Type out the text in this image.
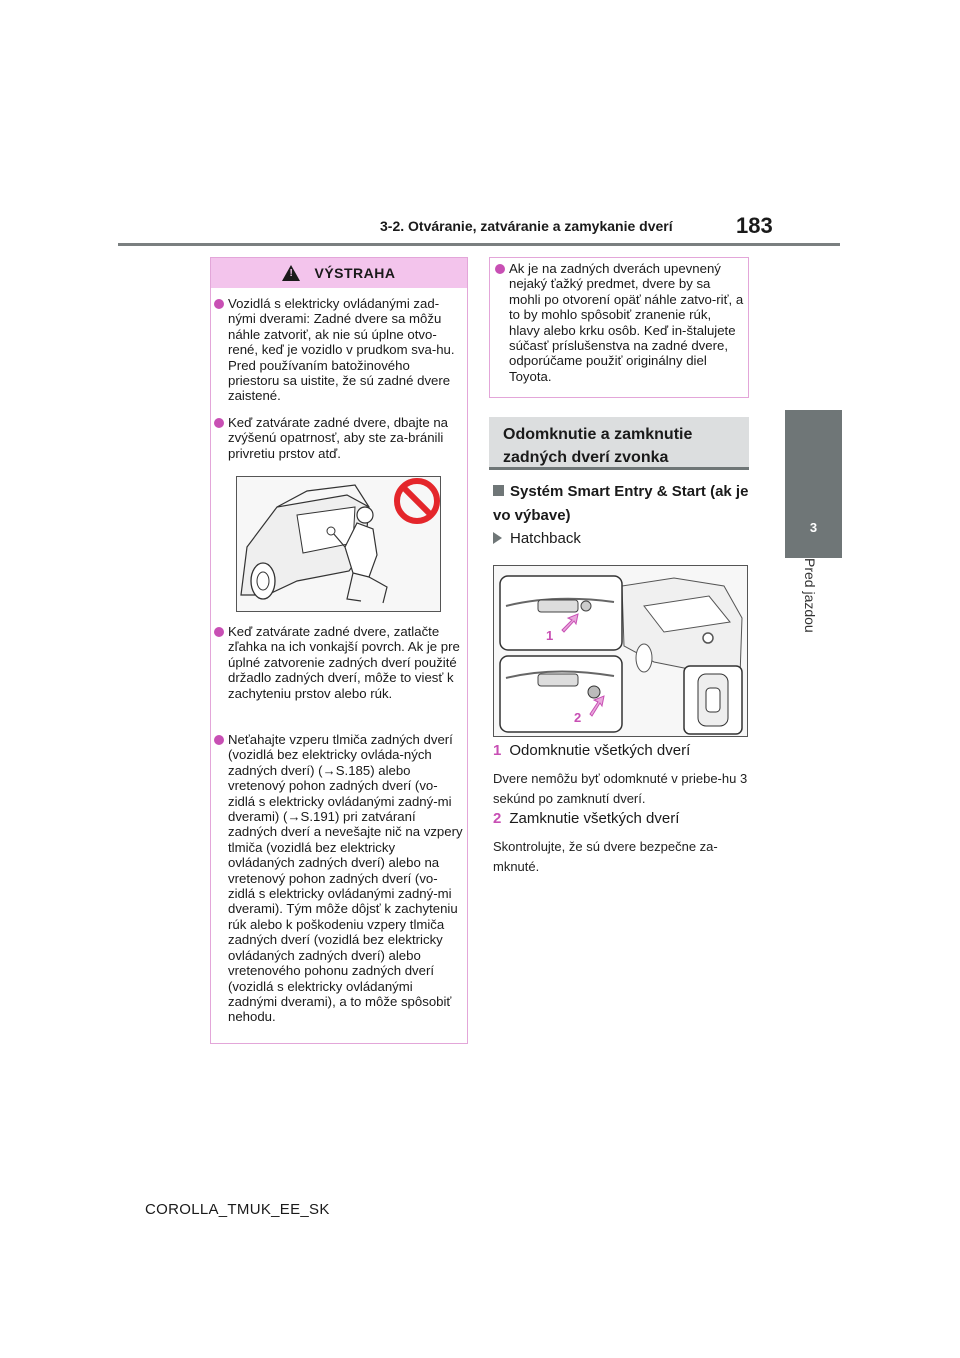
3-2. Otváranie, zatváranie a zamykanie dverí	183
3
Pred jazdou
!
VÝSTRAHA
Vozidlá s elektricky ovládanými zad-nými dverami: Zadné dvere sa môžu náhle zatvoriť, ak nie sú úplne otvo-rené, keď je vozidlo v prudkom sva-hu. Pred používaním batožinového priestoru sa uistite, že sú zadné dvere zaistené.
Keď zatvárate zadné dvere, dbajte na zvýšenú opatrnosť, aby ste za-bránili privretiu prstov atď.
Keď zatvárate zadné dvere, zatlačte zľahka na ich vonkajší povrch. Ak je pre úplné zatvorenie zadných dverí použité držadlo zadných dverí, môže to viesť k zachyteniu prstov alebo rúk.
Neťahajte vzperu tlmiča zadných dverí (vozidlá bez elektricky ovláda-ných zadných dverí) (→S.185) alebo vretenový pohon zadných dverí (vo-zidlá s elektricky ovládanými zadný-mi dverami) (→S.191) pri zatváraní zadných dverí a nevešajte nič na vzpery tlmiča (vozidlá bez elektricky ovládaných zadných dverí) alebo na vretenový pohon zadných dverí (vo-zidlá s elektricky ovládanými zadný-mi dverami). Tým môže dôjsť k zachyteniu rúk alebo k poškodeniu vzpery tlmiča zadných dverí (vozidlá bez elektricky ovládaných zadných dverí) alebo vretenového pohonu zadných dverí (vozidlá s elektricky ovládanými zadnými dverami), a to môže spôsobiť nehodu.
Ak je na zadných dverách upevnený nejaký ťažký predmet, dvere by sa mohli po otvorení opäť náhle zatvo-riť, a to by mohlo spôsobiť zranenie rúk, hlavy alebo krku osôb. Keď in-štalujete súčasť príslušenstva na zadné dvere, odporúčame použiť originálny diel Toyota.
Odomknutie a zamknutie zadných dverí zvonka
Systém Smart Entry & Start (ak je vo výbave)
Hatchback
1
2
1 Odomknutie všetkých dverí
Dvere nemôžu byť odomknuté v priebe-hu 3 sekúnd po zamknutí dverí.
2 Zamknutie všetkých dverí
Skontrolujte, že sú dvere bezpečne za-mknuté.
COROLLA_TMUK_EE_SK
